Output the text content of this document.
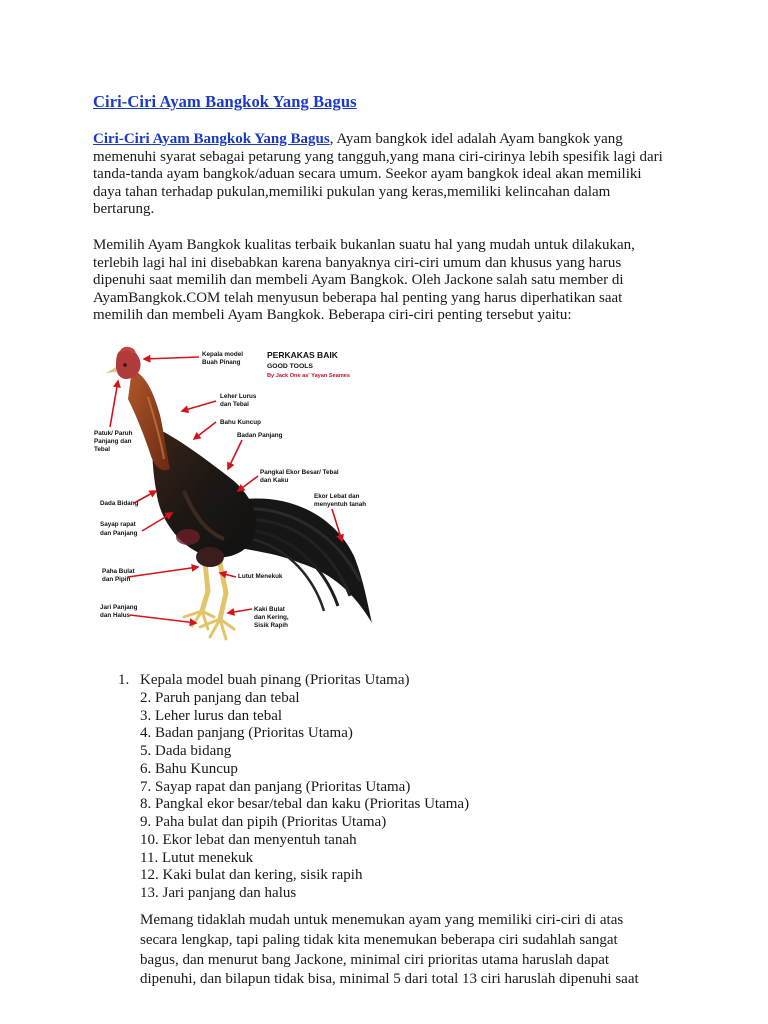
Ciri-Ciri Ayam Bangkok Yang Bagus

Ciri-Ciri Ayam Bangkok Yang Bagus, Ayam bangkok idel adalah Ayam bangkok yang memenuhi syarat sebagai petarung yang tangguh,yang mana ciri-cirinya lebih spesifik lagi dari tanda-tanda ayam bangkok/aduan secara umum. Seekor ayam bangkok ideal akan memiliki daya tahan terhadap pukulan,memiliki pukulan yang keras,memiliki kelincahan dalam bertarung.

Memilih Ayam Bangkok kualitas terbaik bukanlan suatu hal yang mudah untuk dilakukan, terlebih lagi hal ini disebabkan karena banyaknya ciri-ciri umum dan khusus yang harus dipenuhi saat memilih dan membeli Ayam Bangkok. Oleh Jackone salah satu member di AyamBangkok.COM telah menyusun beberapa hal penting yang harus diperhatikan saat memilih dan membeli Ayam Bangkok. Beberapa ciri-ciri penting tersebut yaitu:

PERKAKAS BAIK
GOOD TOOLS
By Jack One as' Yayan Seames
Kepala model
Buah Pinang
Leher Lurus
dan Tebal
Bahu Kuncup
Badan Panjang
Patuk/ Paruh
Panjang dan
Tebal
Pangkal Ekor Besar/ Tebal
dan Kaku
Dada Bidang
Ekor Lebat dan
menyentuh tanah
Sayap rapat
dan Panjang
Paha Bulat
dan Pipih	Lutut Menekuk
Jari Panjang
dan Halus
Kaki Bulat
dan Kering,
Sisik Rapih
1. Kepala model buah pinang (Prioritas Utama)
2. Paruh panjang dan tebal
3. Leher lurus dan tebal
4. Badan panjang (Prioritas Utama)
5. Dada bidang
6. Bahu Kuncup
7. Sayap rapat dan panjang (Prioritas Utama)
8. Pangkal ekor besar/tebal dan kaku (Prioritas Utama)
9. Paha bulat dan pipih (Prioritas Utama)
10. Ekor lebat dan menyentuh tanah
11. Lutut menekuk
12. Kaki bulat dan kering, sisik rapih
13. Jari panjang dan halus

Memang tidaklah mudah untuk menemukan ayam yang memiliki ciri-ciri di atas secara lengkap, tapi paling tidak kita menemukan beberapa ciri sudahlah sangat bagus, dan menurut bang Jackone, minimal ciri prioritas utama haruslah dapat dipenuhi, dan bilapun tidak bisa, minimal 5 dari total 13 ciri haruslah dipenuhi saat
